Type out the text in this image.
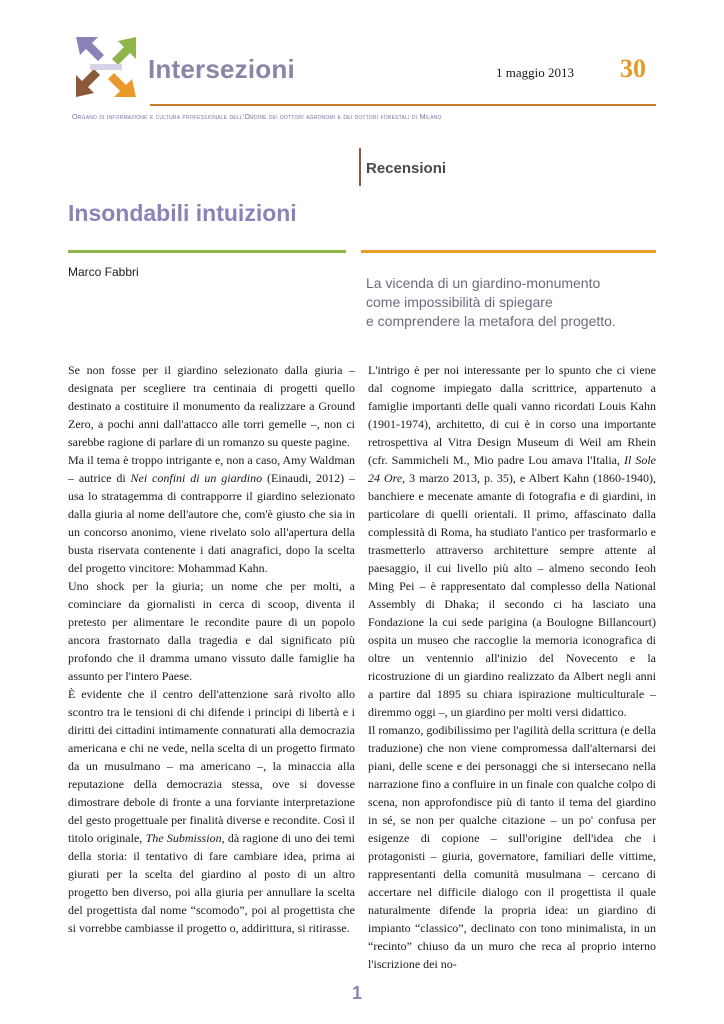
Intersezioni	1 maggio 2013 30
Organo di informazione e cultura professionale dell'Ordine dei dottori agronomi e dei dottori forestali di Milano
Recensioni
Insondabili intuizioni
Marco Fabbri
La vicenda di un giardino-monumento
come impossibilità di spiegare
e comprendere la metafora del progetto.

Se non fosse per il giardino selezionato dalla giuria – designata per scegliere tra centinaia di progetti quello destinato a costituire il monumento da realizzare a Ground Zero, a pochi anni dall'attacco alle torri gemelle –, non ci sarebbe ragione di parlare di un romanzo su queste pagine.

Ma il tema è troppo intrigante e, non a caso, Amy Waldman – autrice di Nei confini di un giardino (Einaudi, 2012) – usa lo stratagemma di contrapporre il giardino selezionato dalla giuria al nome dell'autore che, com'è giusto che sia in un concorso anonimo, viene rivelato solo all'apertura della busta riservata contenente i dati anagrafici, dopo la scelta del progetto vincitore: Mohammad Kahn.

Uno shock per la giuria; un nome che per molti, a cominciare da giornalisti in cerca di scoop, diventa il pretesto per alimentare le recondite paure di un popolo ancora frastornato dalla tragedia e dal significato più profondo che il dramma umano vissuto dalle famiglie ha assunto per l'intero Paese.

È evidente che il centro dell'attenzione sarà rivolto allo scontro tra le tensioni di chi difende i principi di libertà e i diritti dei cittadini intimamente connaturati alla democrazia americana e chi ne vede, nella scelta di un progetto firmato da un musulmano – ma americano –, la minaccia alla reputazione della democrazia stessa, ove si dovesse dimostrare debole di fronte a una forviante interpretazione del gesto progettuale per finalità diverse e recondite. Così il titolo originale, The Submission, dà ragione di uno dei temi della storia: il tentativo di fare cambiare idea, prima ai giurati per la scelta del giardino al posto di un altro progetto ben diverso, poi alla giuria per annullare la scelta del progettista dal nome “scomodo”, poi al progettista che si vorrebbe cambiasse il progetto o, addirittura, si ritirasse.

L'intrigo è per noi interessante per lo spunto che ci viene dal cognome impiegato dalla scrittrice, appartenuto a famiglie importanti delle quali vanno ricordati Louis Kahn (1901-1974), architetto, di cui è in corso una importante retrospettiva al Vitra Design Museum di Weil am Rhein (cfr. Sammicheli M., Mio padre Lou amava l'Italia, Il Sole 24 Ore, 3 marzo 2013, p. 35), e Albert Kahn (1860-1940), banchiere e mecenate amante di fotografia e di giardini, in particolare di quelli orientali. Il primo, affascinato dalla complessità di Roma, ha studiato l'antico per trasformarlo e trasmetterlo attraverso architetture sempre attente al paesaggio, il cui livello più alto – almeno secondo Ieoh Ming Pei – è rappresentato dal complesso della National Assembly di Dhaka; il secondo ci ha lasciato una Fondazione la cui sede parigina (a Boulogne Billancourt) ospita un museo che raccoglie la memoria iconografica di oltre un ventennio all'inizio del Novecento e la ricostruzione di un giardino realizzato da Albert negli anni a partire dal 1895 su chiara ispirazione multiculturale – diremmo oggi –, un giardino per molti versi didattico.

Il romanzo, godibilissimo per l'agilità della scrittura (e della traduzione) che non viene compromessa dall'alternarsi dei piani, delle scene e dei personaggi che si intersecano nella narrazione fino a confluire in un finale con qualche colpo di scena, non approfondisce più di tanto il tema del giardino in sé, se non per qualche citazione – un po' confusa per esigenze di copione – sull'origine dell'idea che i protagonisti – giuria, governatore, familiari delle vittime, rappresentanti della comunità musulmana – cercano di accertare nel difficile dialogo con il progettista il quale naturalmente difende la propria idea: un giardino di impianto “classico”, declinato con tono minimalista, in un “recinto” chiuso da un muro che reca al proprio interno l'iscrizione dei no-

1
